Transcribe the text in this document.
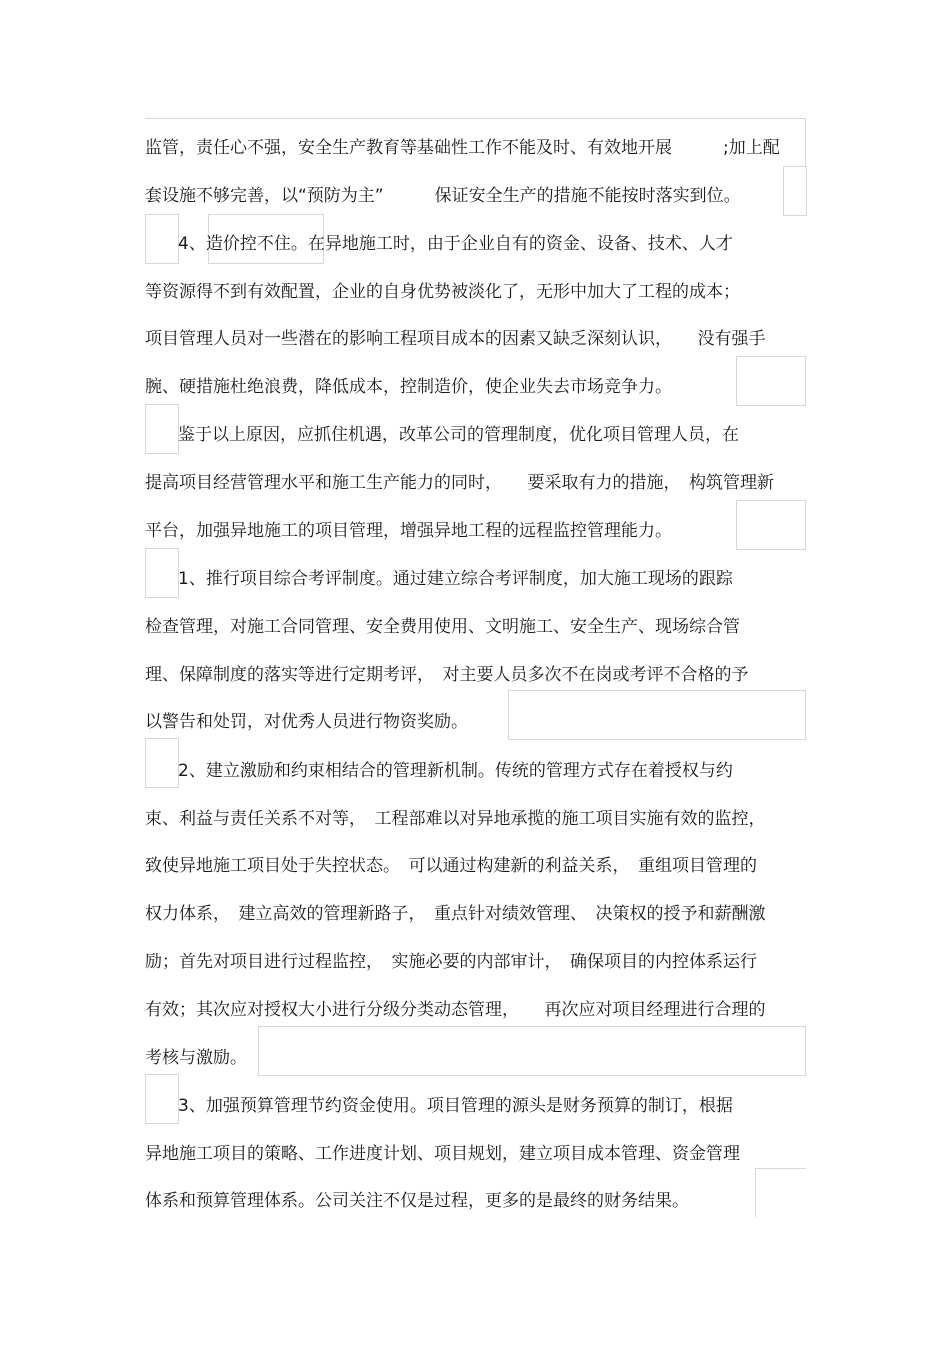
监管，责任心不强，安全生产教育等基础性工作不能及时、有效地开展　　　;加上配
套设施不够完善，以“预防为主”　　　保证安全生产的措施不能按时落实到位。
4、造价控不住。在异地施工时，由于企业自有的资金、设备、技术、人才
等资源得不到有效配置，企业的自身优势被淡化了，无形中加大了工程的成本；
项目管理人员对一些潜在的影响工程项目成本的因素又缺乏深刻认识，　　没有强手
腕、硬措施杜绝浪费，降低成本，控制造价，使企业失去市场竞争力。
鉴于以上原因，应抓住机遇，改革公司的管理制度，优化项目管理人员，在
提高项目经营管理水平和施工生产能力的同时，　　要采取有力的措施，　构筑管理新
平台，加强异地施工的项目管理，增强异地工程的远程监控管理能力。
1、推行项目综合考评制度。通过建立综合考评制度，加大施工现场的跟踪
检查管理，对施工合同管理、安全费用使用、文明施工、安全生产、现场综合管
理、保障制度的落实等进行定期考评，　对主要人员多次不在岗或考评不合格的予
以警告和处罚，对优秀人员进行物资奖励。
2、建立激励和约束相结合的管理新机制。传统的管理方式存在着授权与约
束、利益与责任关系不对等，　工程部难以对异地承揽的施工项目实施有效的监控，
致使异地施工项目处于失控状态。　可以通过构建新的利益关系，　重组项目管理的
权力体系，　建立高效的管理新路子，　重点针对绩效管理、　决策权的授予和薪酬激
励；首先对项目进行过程监控，　实施必要的内部审计，　确保项目的内控体系运行
有效；其次应对授权大小进行分级分类动态管理，　　再次应对项目经理进行合理的
考核与激励。
3、加强预算管理节约资金使用。项目管理的源头是财务预算的制订，根据
异地施工项目的策略、工作进度计划、项目规划，建立项目成本管理、资金管理
体系和预算管理体系。公司关注不仅是过程，更多的是最终的财务结果。
